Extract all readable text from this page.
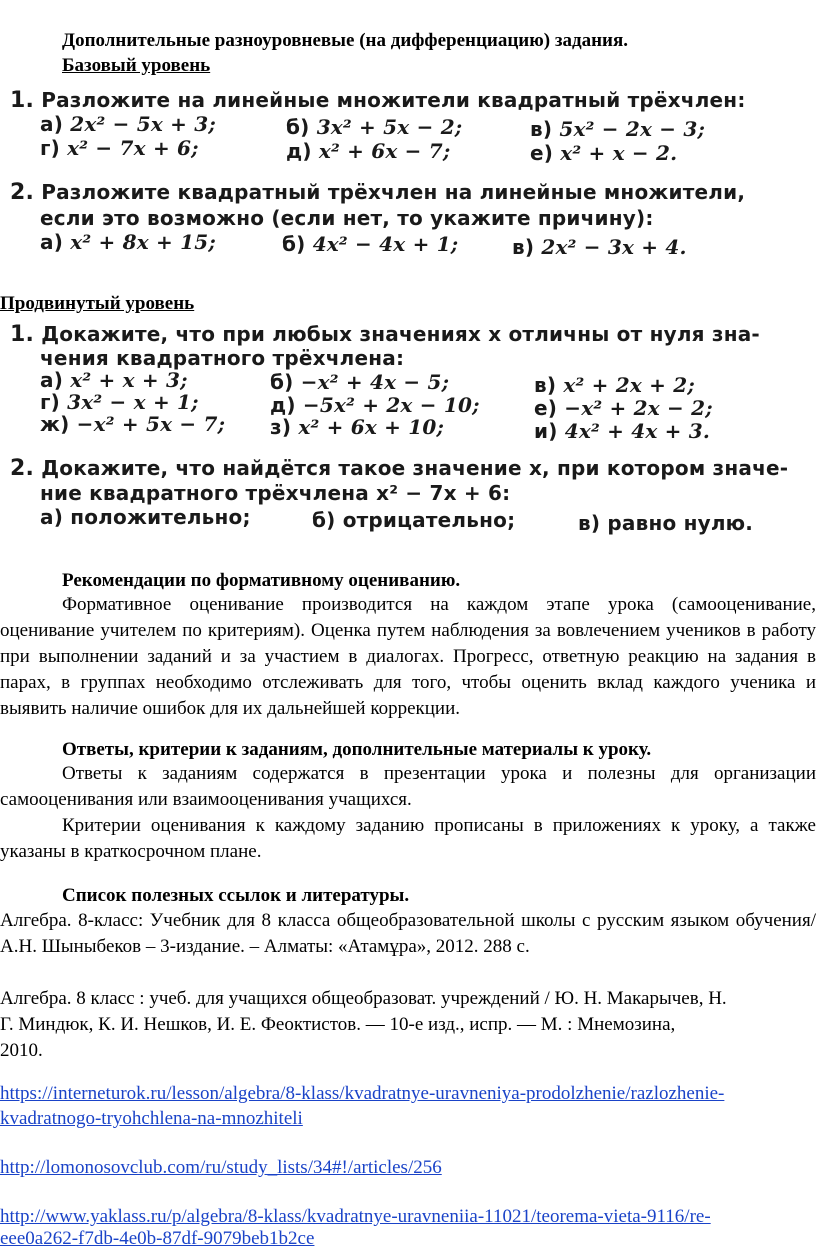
Дополнительные разноуровневые (на дифференциацию) задания.
Базовый уровень
1. Разложите на линейные множители квадратный трёхчлен:
а) 2x² − 5x + 3;	б) 3x² + 5x − 2;	в) 5x² − 2x − 3;
г) x² − 7x + 6;	д) x² + 6x − 7;	е) x² + x − 2.
2. Разложите квадратный трёхчлен на линейные множители,
если это возможно (если нет, то укажите причину):
а) x² + 8x + 15;	б) 4x² − 4x + 1;	в) 2x² − 3x + 4.
Продвинутый уровень
1. Докажите, что при любых значениях x отличны от нуля зна-
чения квадратного трёхчлена:
а) x² + x + 3;	б) −x² + 4x − 5;	в) x² + 2x + 2;
г) 3x² − x + 1;	д) −5x² + 2x − 10;	е) −x² + 2x − 2;
ж) −x² + 5x − 7; з) x² + 6x + 10;	и) 4x² + 4x + 3.
2. Докажите, что найдётся такое значение x, при котором значе-
ние квадратного трёхчлена x² − 7x + 6:
а) положительно;	б) отрицательно;	в) равно нулю.
Рекомендации по формативному оцениванию.
Формативное оценивание производится на каждом этапе урока (самооценивание, оценивание учителем по критериям). Оценка путем наблюдения за вовлечением учеников в работу при выполнении заданий и за участием в диалогах. Прогресс, ответную реакцию на задания в парах, в группах необходимо отслеживать для того, чтобы оценить вклад каждого ученика и выявить наличие ошибок для их дальнейшей коррекции.
Ответы, критерии к заданиям, дополнительные материалы к уроку.
Ответы к заданиям содержатся в презентации урока и полезны для организации самооценивания или взаимооценивания учащихся.
Критерии оценивания к каждому заданию прописаны в приложениях к уроку, а также указаны в краткосрочном плане.
Список полезных ссылок и литературы.
Алгебра. 8-класс: Учебник для 8 класса общеобразовательной школы с русским языком обучения/ А.Н. Шыныбеков – 3-издание. – Алматы: «Атамұра», 2012. 288 с.
Алгебра. 8 класс : учеб. для учащихся общеобразоват. учреждений / Ю. Н. Макарычев, Н.
Г. Миндюк, К. И. Нешков, И. Е. Феоктистов. — 10-е изд., испр. — М. : Мнемозина,
2010.
https://interneturok.ru/lesson/algebra/8-klass/kvadratnye-uravneniya-prodolzhenie/razlozhenie-
kvadratnogo-tryohchlena-na-mnozhiteli
http://lomonosovclub.com/ru/study_lists/34#!/articles/256
http://www.yaklass.ru/p/algebra/8-klass/kvadratnye-uravneniia-11021/teorema-vieta-9116/re-
eee0a262-f7db-4e0b-87df-9079beb1b2ce
